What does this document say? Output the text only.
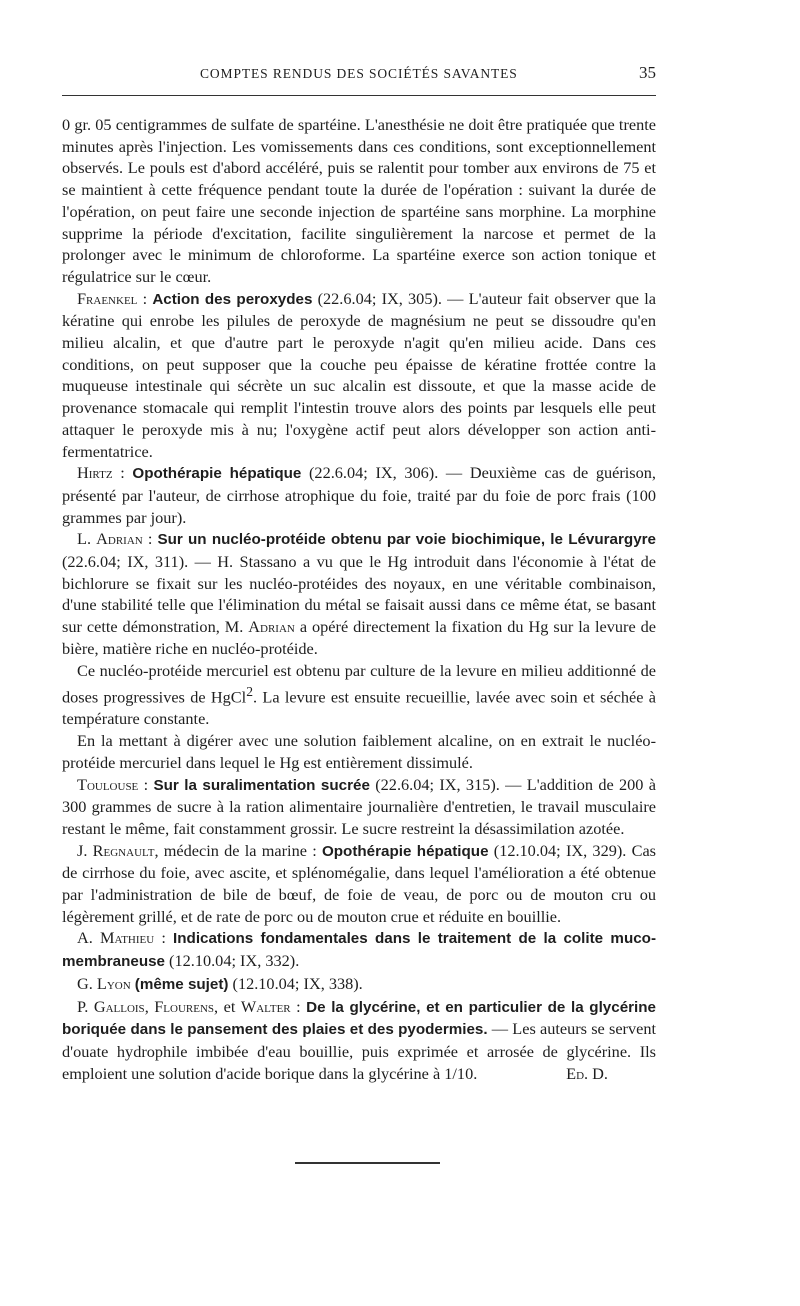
COMPTES RENDUS DES SOCIÉTÉS SAVANTES	35

0 gr. 05 centigrammes de sulfate de spartéine. L'anesthésie ne doit être pratiquée que trente minutes après l'injection. Les vomissements dans ces conditions, sont exceptionnellement observés. Le pouls est d'abord accéléré, puis se ralentit pour tomber aux environs de 75 et se maintient à cette fréquence pendant toute la durée de l'opération : suivant la durée de l'opération, on peut faire une seconde injection de spartéine sans morphine. La morphine supprime la période d'excitation, facilite singulièrement la narcose et permet de la prolonger avec le minimum de chloroforme. La spartéine exerce son action tonique et régulatrice sur le cœur.

Fraenkel : Action des peroxydes (22.6.04; IX, 305). — L'auteur fait observer que la kératine qui enrobe les pilules de peroxyde de magnésium ne peut se dissoudre qu'en milieu alcalin, et que d'autre part le peroxyde n'agit qu'en milieu acide. Dans ces conditions, on peut supposer que la couche peu épaisse de kératine frottée contre la muqueuse intestinale qui sécrète un suc alcalin est dissoute, et que la masse acide de provenance stomacale qui remplit l'intestin trouve alors des points par lesquels elle peut attaquer le peroxyde mis à nu; l'oxygène actif peut alors développer son action anti-fermentatrice.

Hirtz : Opothérapie hépatique (22.6.04; IX, 306). — Deuxième cas de guérison, présenté par l'auteur, de cirrhose atrophique du foie, traité par du foie de porc frais (100 grammes par jour).

L. Adrian : Sur un nucléo-protéide obtenu par voie biochimique, le Lévurargyre (22.6.04; IX, 311). — H. Stassano a vu que le Hg introduit dans l'économie à l'état de bichlorure se fixait sur les nucléo-protéides des noyaux, en une véritable combinaison, d'une stabilité telle que l'élimination du métal se faisait aussi dans ce même état, se basant sur cette démonstration, M. Adrian a opéré directement la fixation du Hg sur la levure de bière, matière riche en nucléo-protéide.

Ce nucléo-protéide mercuriel est obtenu par culture de la levure en milieu additionné de doses progressives de HgCl$^2$. La levure est ensuite recueillie, lavée avec soin et séchée à température constante.

En la mettant à digérer avec une solution faiblement alcaline, on en extrait le nucléo-protéide mercuriel dans lequel le Hg est entièrement dissimulé.

Toulouse : Sur la suralimentation sucrée (22.6.04; IX, 315). — L'addition de 200 à 300 grammes de sucre à la ration alimentaire journalière d'entretien, le travail musculaire restant le même, fait constamment grossir. Le sucre restreint la désassimilation azotée.

J. Regnault, médecin de la marine : Opothérapie hépatique (12.10.04; IX, 329). Cas de cirrhose du foie, avec ascite, et splénomégalie, dans lequel l'amélioration a été obtenue par l'administration de bile de bœuf, de foie de veau, de porc ou de mouton cru ou légèrement grillé, et de rate de porc ou de mouton crue et réduite en bouillie.

A. Mathieu : Indications fondamentales dans le traitement de la colite muco-membraneuse (12.10.04; IX, 332).

G. Lyon (même sujet) (12.10.04; IX, 338).

P. Gallois, Flourens, et Walter : De la glycérine, et en particulier de la glycérine boriquée dans le pansement des plaies et des pyodermies. — Les auteurs se servent d'ouate hydrophile imbibée d'eau bouillie, puis exprimée et arrosée de glycérine. Ils emploient une solution d'acide borique dans la glycérine à 1/10.	Ed. D.
